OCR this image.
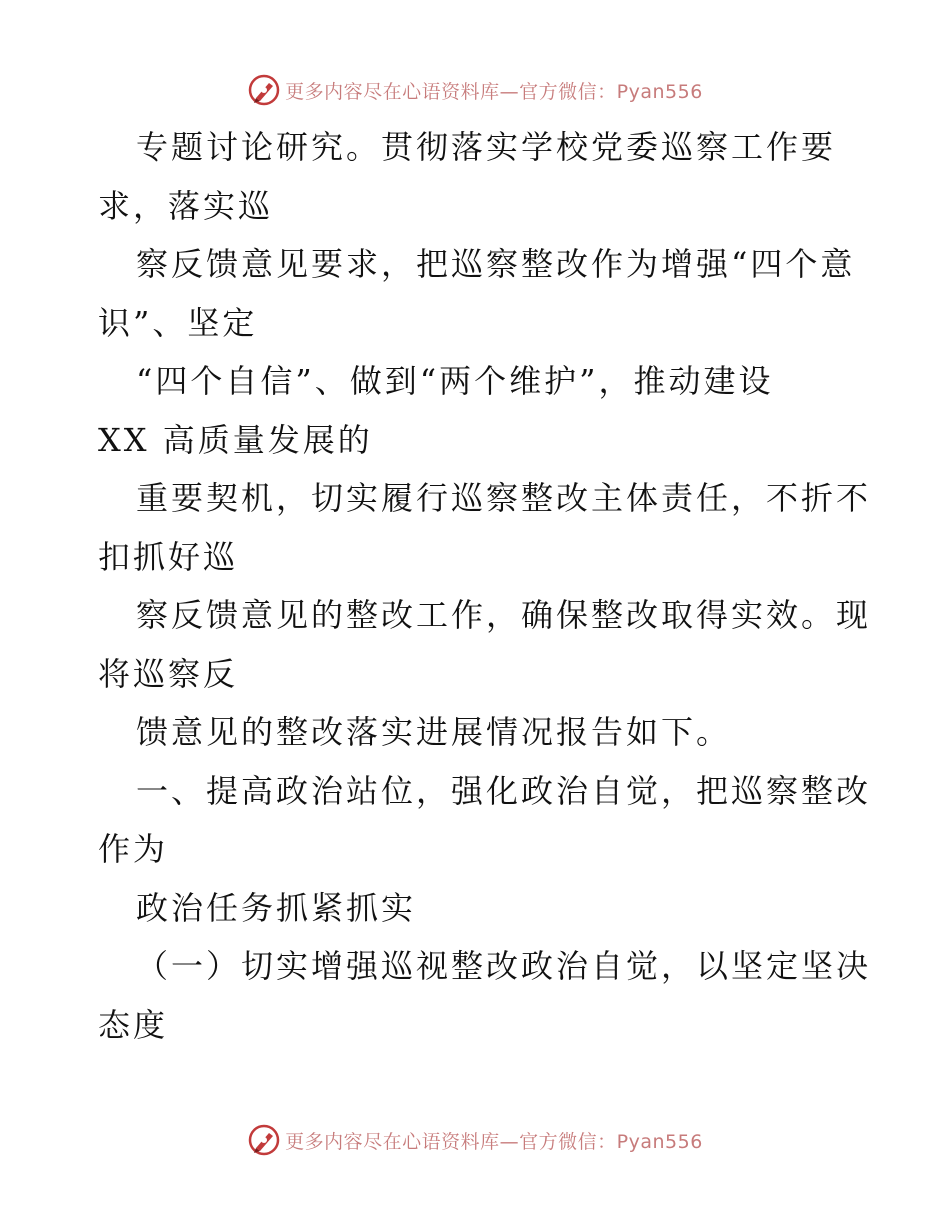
更多内容尽在心语资料库—官方微信：Pyan556
专题讨论研究。贯彻落实学校党委巡察工作要
求，落实巡
察反馈意见要求，把巡察整改作为增强“四个意
识”、坚定
“四个自信”、做到“两个维护”，推动建设
XX 高质量发展的
重要契机，切实履行巡察整改主体责任，不折不
扣抓好巡
察反馈意见的整改工作，确保整改取得实效。现
将巡察反
馈意见的整改落实进展情况报告如下。
一、提高政治站位，强化政治自觉，把巡察整改
作为
政治任务抓紧抓实
（一）切实增强巡视整改政治自觉，以坚定坚决
态度
更多内容尽在心语资料库—官方微信：Pyan556
